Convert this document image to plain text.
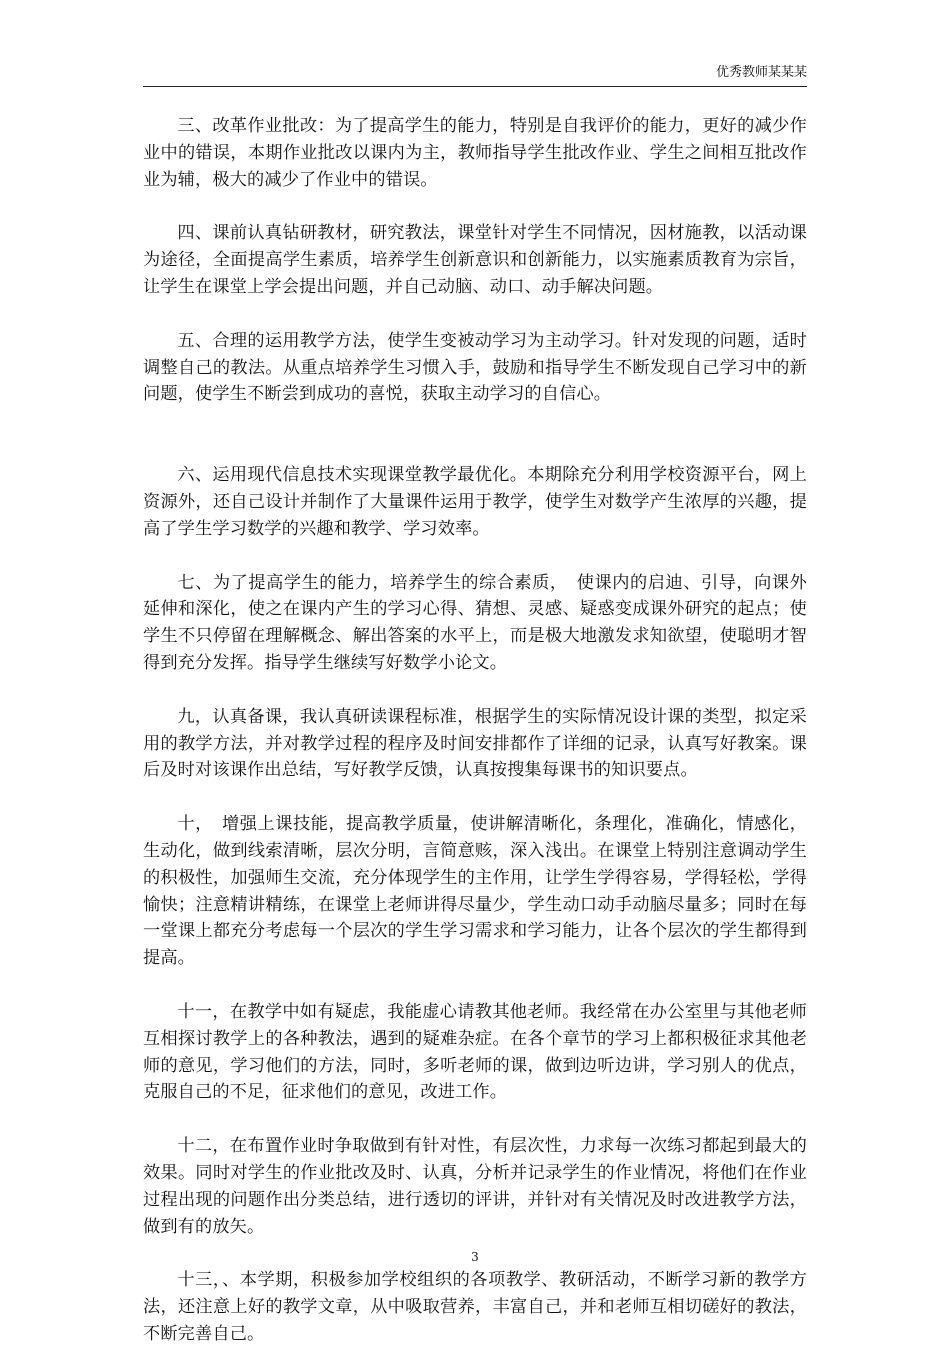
优秀教师某某某

三、改革作业批改：为了提高学生的能力，特别是自我评价的能力，更好的减少作业中的错误，本期作业批改以课内为主，教师指导学生批改作业、学生之间相互批改作业为辅，极大的减少了作业中的错误。

四、课前认真钻研教材，研究教法，课堂针对学生不同情况，因材施教，以活动课为途径，全面提高学生素质，培养学生创新意识和创新能力，以实施素质教育为宗旨，让学生在课堂上学会提出问题，并自己动脑、动口、动手解决问题。

五、合理的运用教学方法，使学生变被动学习为主动学习。针对发现的问题，适时调整自己的教法。从重点培养学生习惯入手，鼓励和指导学生不断发现自己学习中的新问题，使学生不断尝到成功的喜悦，获取主动学习的自信心。

六、运用现代信息技术实现课堂教学最优化。本期除充分利用学校资源平台，网上资源外，还自己设计并制作了大量课件运用于教学，使学生对数学产生浓厚的兴趣，提高了学生学习数学的兴趣和教学、学习效率。

七、为了提高学生的能力，培养学生的综合素质，　使课内的启迪、引导，向课外延伸和深化，使之在课内产生的学习心得、猜想、灵感、疑惑变成课外研究的起点；使学生不只停留在理解概念、解出答案的水平上，而是极大地激发求知欲望，使聪明才智得到充分发挥。指导学生继续写好数学小论文。

九，认真备课，我认真研读课程标准，根据学生的实际情况设计课的类型，拟定采用的教学方法，并对教学过程的程序及时间安排都作了详细的记录，认真写好教案。课后及时对该课作出总结，写好教学反馈，认真按搜集每课书的知识要点。

十，　增强上课技能，提高教学质量，使讲解清晰化，条理化，准确化，情感化，生动化，做到线索清晰，层次分明，言简意赅，深入浅出。在课堂上特别注意调动学生的积极性，加强师生交流，充分体现学生的主作用，让学生学得容易，学得轻松，学得愉快；注意精讲精练，在课堂上老师讲得尽量少，学生动口动手动脑尽量多；同时在每一堂课上都充分考虑每一个层次的学生学习需求和学习能力，让各个层次的学生都得到提高。

十一，在教学中如有疑虑，我能虚心请教其他老师。我经常在办公室里与其他老师互相探讨教学上的各种教法，遇到的疑难杂症。在各个章节的学习上都积极征求其他老师的意见，学习他们的方法，同时，多听老师的课，做到边听边讲，学习别人的优点，克服自己的不足，征求他们的意见，改进工作。

十二，在布置作业时争取做到有针对性，有层次性，力求每一次练习都起到最大的效果。同时对学生的作业批改及时、认真，分析并记录学生的作业情况，将他们在作业过程出现的问题作出分类总结，进行透切的评讲，并针对有关情况及时改进教学方法，做到有的放矢。

十三，、本学期，积极参加学校组织的各项教学、教研活动，不断学习新的教学方法，还注意上好的教学文章，从中吸取营养，丰富自己，并和老师互相切磋好的教法，不断完善自己。

3
